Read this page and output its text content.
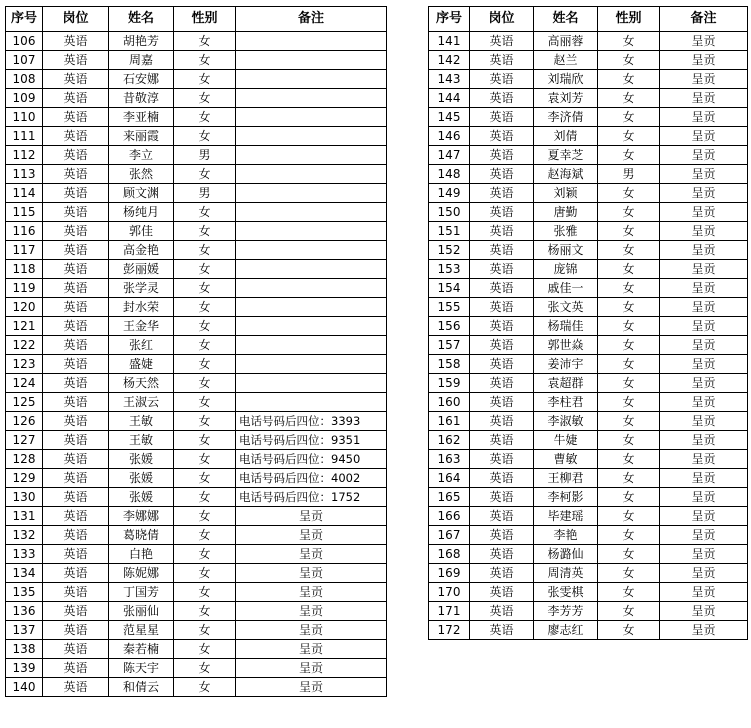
序号	岗位	姓名	性别	备注
106	英语	胡艳芳	女	
107	英语	周嘉	女	
108	英语	石安娜	女	
109	英语	昔敬淳	女	
110	英语	李亚楠	女	
111	英语	来丽霞	女	
112	英语	李立	男	
113	英语	张然	女	
114	英语	顾文渊	男	
115	英语	杨纯月	女	
116	英语	郭佳	女	
117	英语	高金艳	女	
118	英语	彭丽媛	女	
119	英语	张学灵	女	
120	英语	封水荣	女	
121	英语	王金华	女	
122	英语	张红	女	
123	英语	盛婕	女	
124	英语	杨天然	女	
125	英语	王淑云	女	
126	英语	王敏	女	电话号码后四位：3393
127	英语	王敏	女	电话号码后四位：9351
128	英语	张媛	女	电话号码后四位：9450
129	英语	张媛	女	电话号码后四位：4002
130	英语	张媛	女	电话号码后四位：1752
131	英语	李娜娜	女	呈贡
132	英语	葛晓倩	女	呈贡
133	英语	白艳	女	呈贡
134	英语	陈妮娜	女	呈贡
135	英语	丁国芳	女	呈贡
136	英语	张丽仙	女	呈贡
137	英语	范星星	女	呈贡
138	英语	秦若楠	女	呈贡
139	英语	陈天宇	女	呈贡
140	英语	和倩云	女	呈贡
序号	岗位	姓名	性别	备注
141	英语	高丽蓉	女	呈贡
142	英语	赵兰	女	呈贡
143	英语	刘瑞欣	女	呈贡
144	英语	袁刘芳	女	呈贡
145	英语	李济倩	女	呈贡
146	英语	刘倩	女	呈贡
147	英语	夏幸芝	女	呈贡
148	英语	赵海斌	男	呈贡
149	英语	刘颖	女	呈贡
150	英语	唐勤	女	呈贡
151	英语	张雅	女	呈贡
152	英语	杨丽文	女	呈贡
153	英语	庞锦	女	呈贡
154	英语	戚佳一	女	呈贡
155	英语	张文英	女	呈贡
156	英语	杨瑞佳	女	呈贡
157	英语	郭世焱	女	呈贡
158	英语	姜沛宇	女	呈贡
159	英语	袁超群	女	呈贡
160	英语	李柱君	女	呈贡
161	英语	李淑敏	女	呈贡
162	英语	牛婕	女	呈贡
163	英语	曹敏	女	呈贡
164	英语	王柳君	女	呈贡
165	英语	李柯影	女	呈贡
166	英语	毕建瑶	女	呈贡
167	英语	李艳	女	呈贡
168	英语	杨潞仙	女	呈贡
169	英语	周清英	女	呈贡
170	英语	张雯棋	女	呈贡
171	英语	李芳芳	女	呈贡
172	英语	廖志红	女	呈贡
